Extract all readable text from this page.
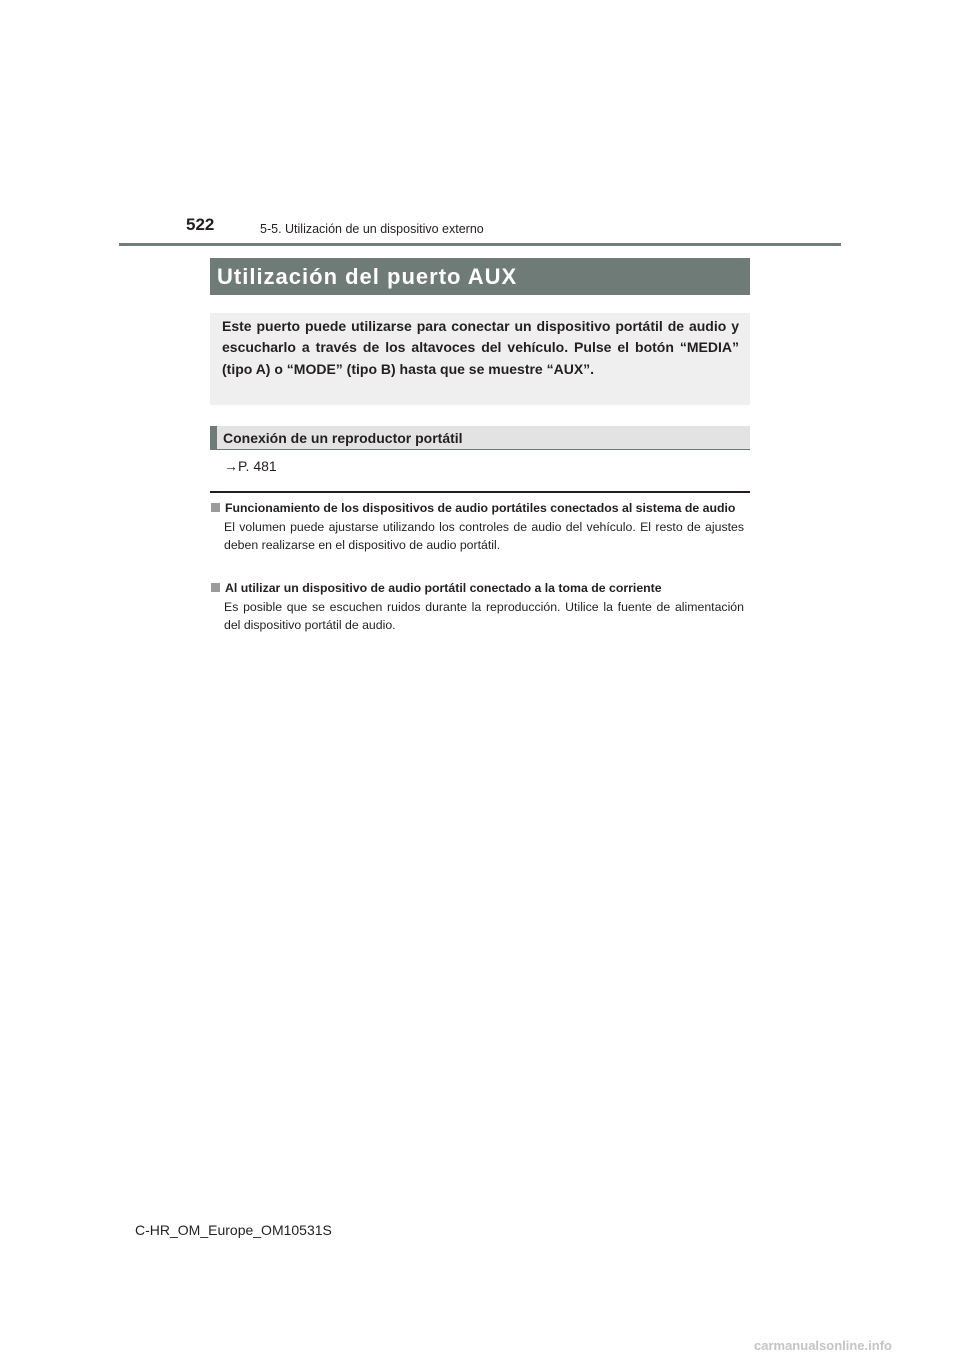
522	5-5. Utilización de un dispositivo externo
Utilización del puerto AUX

Este puerto puede utilizarse para conectar un dispositivo portátil de audio y escucharlo a través de los altavoces del vehículo. Pulse el botón “MEDIA” (tipo A) o “MODE” (tipo B) hasta que se muestre “AUX”.

Conexión de un reproductor portátil
→P. 481
Funcionamiento de los dispositivos de audio portátiles conectados al sistema de audio
El volumen puede ajustarse utilizando los controles de audio del vehículo. El resto de ajustes deben realizarse en el dispositivo de audio portátil.
Al utilizar un dispositivo de audio portátil conectado a la toma de corriente
Es posible que se escuchen ruidos durante la reproducción. Utilice la fuente de alimentación del dispositivo portátil de audio.
C-HR_OM_Europe_OM10531S
carmanualsonline.info
